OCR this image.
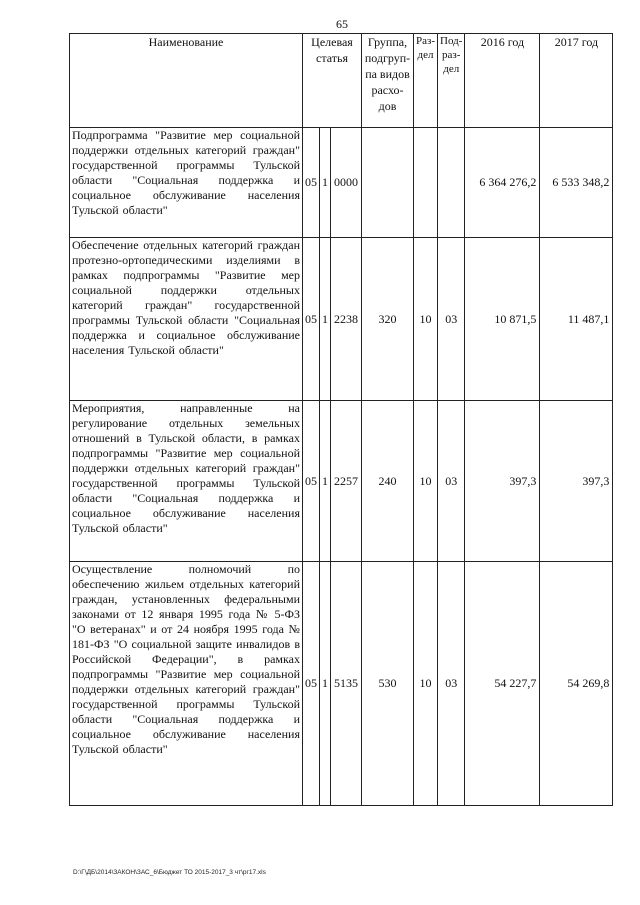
65
Наименование	Целевая статья			Группа, подгруп-па видов расхо-дов	Раз-дел	Под-раз-дел	2016 год	2017 год
Подпрограмма "Развитие мер социальной поддержки отдельных категорий граждан" государственной программы Тульской области "Социальная поддержка и социальное обслуживание населения Тульской области"	05	1	0000				6 364 276,2	6 533 348,2
Обеспечение отдельных категорий граждан протезно-ортопедическими изделиями в рамках подпрограммы "Развитие мер социальной поддержки отдельных категорий граждан" государственной программы Тульской области "Социальная поддержка и социальное обслуживание населения Тульской области"	05	1	2238	320	10	03	10 871,5	11 487,1
Мероприятия, направленные на регулирование отдельных земельных отношений в Тульской области, в рамках подпрограммы "Развитие мер социальной поддержки отдельных категорий граждан" государственной программы Тульской области "Социальная поддержка и социальное обслуживание населения Тульской области"	05	1	2257	240	10	03	397,3	397,3
Осуществление полномочий по обеспечению жильем отдельных категорий граждан, установленных федеральными законами от 12 января 1995 года № 5-ФЗ "О ветеранах" и от 24 ноября 1995 года № 181-ФЗ "О социальной защите инвалидов в Российской Федерации", в рамках подпрограммы "Развитие мер социальной поддержки отдельных категорий граждан" государственной программы Тульской области "Социальная поддержка и социальное обслуживание населения Тульской области"	05	1	5135	530	10	03	54 227,7	54 269,8
D:\Г\ДБ\2014\ЗАКОН\ЗАС_6\Бюджет ТО 2015-2017_3 чт\рг17.xls
